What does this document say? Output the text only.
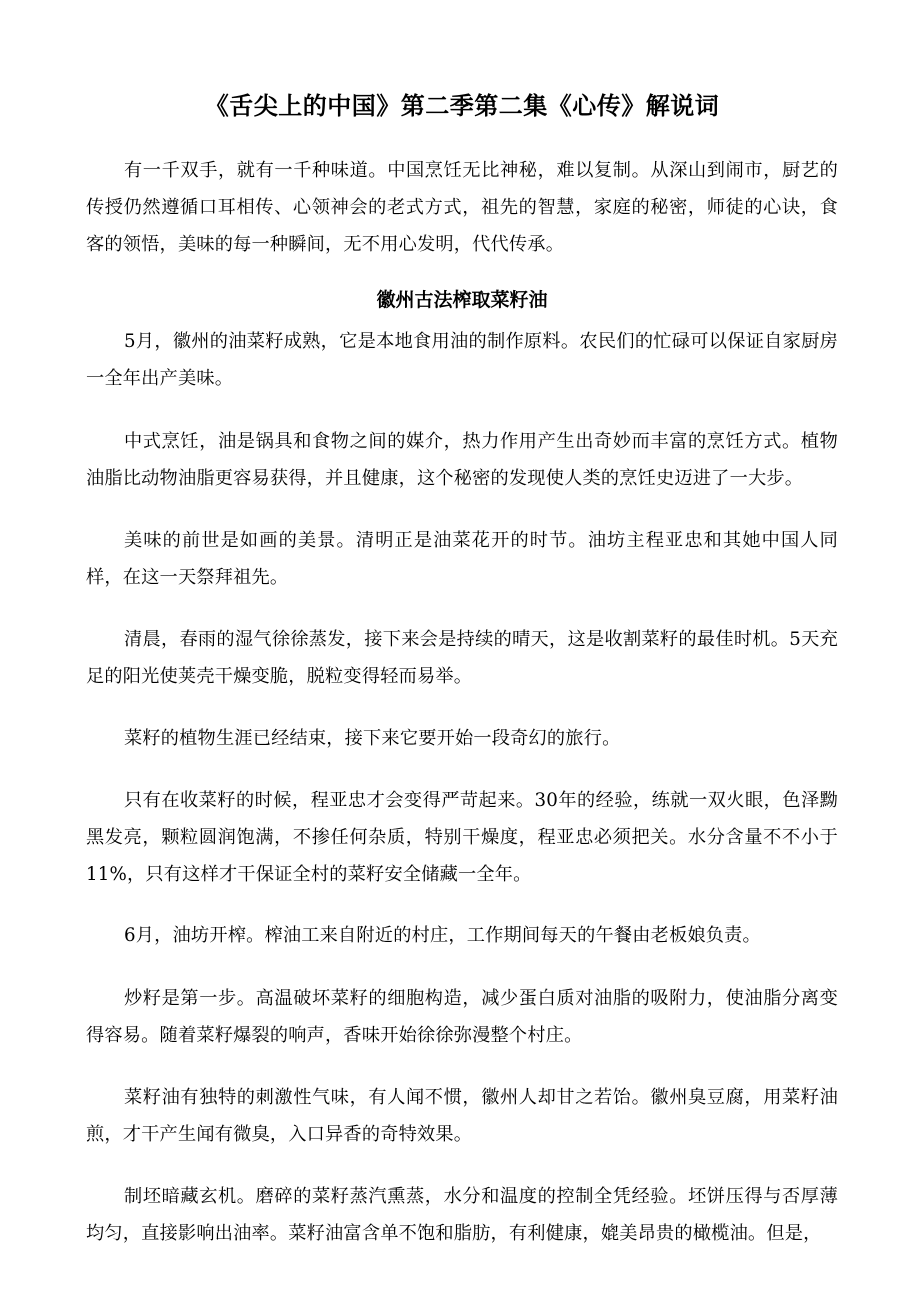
《舌尖上的中国》第二季第二集《心传》解说词

有一千双手，就有一千种味道。中国烹饪无比神秘，难以复制。从深山到闹市，厨艺的传授仍然遵循口耳相传、心领神会的老式方式，祖先的智慧，家庭的秘密，师徒的心诀，食客的领悟，美味的每一种瞬间，无不用心发明，代代传承。

徽州古法榨取菜籽油

5月，徽州的油菜籽成熟，它是本地食用油的制作原料。农民们的忙碌可以保证自家厨房一全年出产美味。

中式烹饪，油是锅具和食物之间的媒介，热力作用产生出奇妙而丰富的烹饪方式。植物油脂比动物油脂更容易获得，并且健康，这个秘密的发现使人类的烹饪史迈进了一大步。

美味的前世是如画的美景。清明正是油菜花开的时节。油坊主程亚忠和其她中国人同样，在这一天祭拜祖先。

清晨，春雨的湿气徐徐蒸发，接下来会是持续的晴天，这是收割菜籽的最佳时机。5天充足的阳光使荚壳干燥变脆，脱粒变得轻而易举。

菜籽的植物生涯已经结束，接下来它要开始一段奇幻的旅行。

只有在收菜籽的时候，程亚忠才会变得严苛起来。30年的经验，练就一双火眼，色泽黝黑发亮，颗粒圆润饱满，不掺任何杂质，特别干燥度，程亚忠必须把关。水分含量不不小于11%，只有这样才干保证全村的菜籽安全储藏一全年。

6月，油坊开榨。榨油工来自附近的村庄，工作期间每天的午餐由老板娘负责。

炒籽是第一步。高温破坏菜籽的细胞构造，减少蛋白质对油脂的吸附力，使油脂分离变得容易。随着菜籽爆裂的响声，香味开始徐徐弥漫整个村庄。

菜籽油有独特的刺激性气味，有人闻不惯，徽州人却甘之若饴。徽州臭豆腐，用菜籽油煎，才干产生闻有微臭，入口异香的奇特效果。

制坯暗藏玄机。磨碎的菜籽蒸汽熏蒸，水分和温度的控制全凭经验。坯饼压得与否厚薄均匀，直接影响出油率。菜籽油富含单不饱和脂肪，有利健康，媲美昂贵的橄榄油。但是，
